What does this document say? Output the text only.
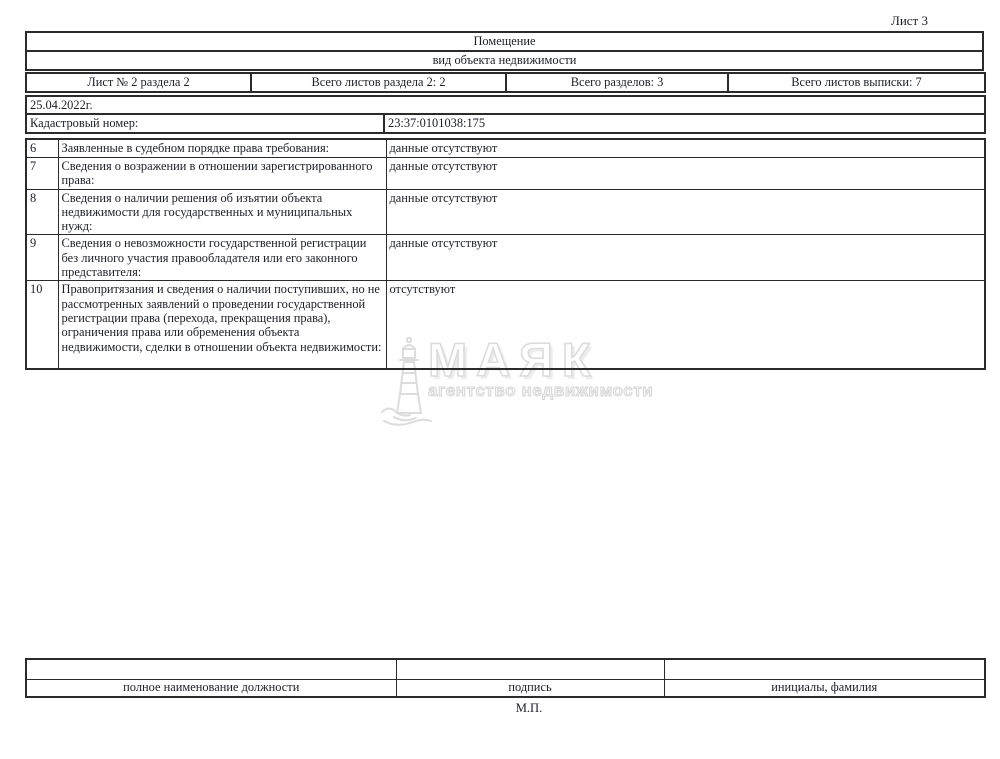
Лист 3
МАЯК
агентство недвижимости
Помещение
вид объекта недвижимости
Лист № 2 раздела 2	Всего листов раздела 2: 2	Всего разделов: 3	Всего листов выписки: 7
25.04.2022г.
Кадастровый номер:	23:37:0101038:175
6	Заявленные в судебном порядке права требования:	данные отсутствуют
7	Сведения о возражении в отношении зарегистрированного права:	данные отсутствуют
8	Сведения о наличии решения об изъятии объекта недвижимости для государственных и муниципальных нужд:	данные отсутствуют
9	Сведения о невозможности государственной регистрации без личного участия правообладателя или его законного представителя:	данные отсутствуют
10	Правопритязания и сведения о наличии поступивших, но не рассмотренных заявлений о проведении государственной регистрации права (перехода, прекращения права), ограничения права или обременения объекта недвижимости, сделки в отношении объекта недвижимости:	отсутствуют

полное наименование должности	подпись	инициалы, фамилия
М.П.
